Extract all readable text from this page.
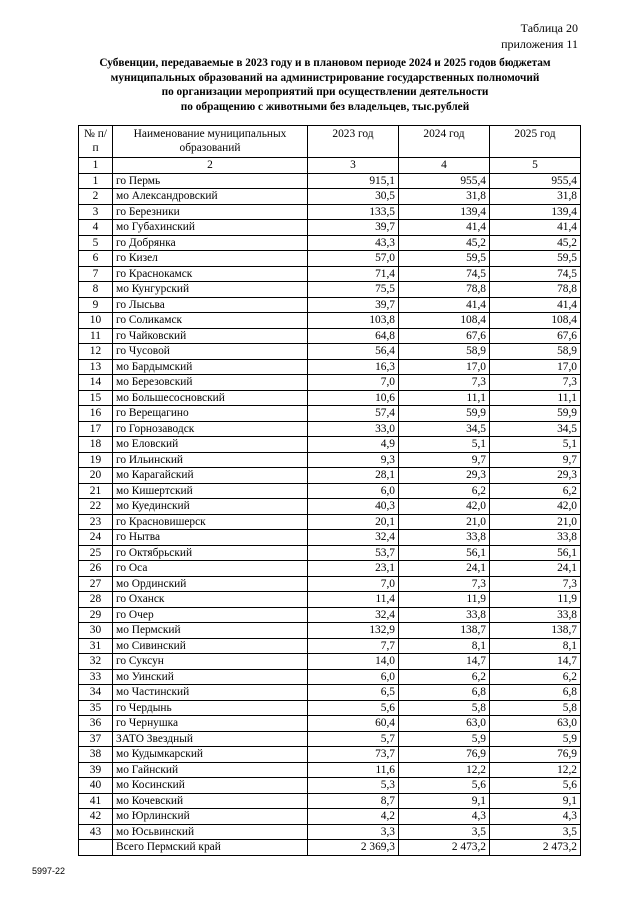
Таблица 20
приложения 11
Субвенции, передаваемые в 2023 году и в плановом периоде 2024 и 2025 годов бюджетам
муниципальных образований на администрирование государственных полномочий
по организации мероприятий при осуществлении деятельности
по обращению с животными без владельцев, тыс.рублей
№ п/п	Наименование муниципальных образований	2023 год	2024 год	2025 год
1	2	3	4	5
1	го Пермь	915,1	955,4	955,4
2	мо Александровский	30,5	31,8	31,8
3	го Березники	133,5	139,4	139,4
4	мо Губахинский	39,7	41,4	41,4
5	го Добрянка	43,3	45,2	45,2
6	го Кизел	57,0	59,5	59,5
7	го Краснокамск	71,4	74,5	74,5
8	мо Кунгурский	75,5	78,8	78,8
9	го Лысьва	39,7	41,4	41,4
10	го Соликамск	103,8	108,4	108,4
11	го Чайковский	64,8	67,6	67,6
12	го Чусовой	56,4	58,9	58,9
13	мо Бардымский	16,3	17,0	17,0
14	мо Березовский	7,0	7,3	7,3
15	мо Большесосновский	10,6	11,1	11,1
16	го Верещагино	57,4	59,9	59,9
17	го Горнозаводск	33,0	34,5	34,5
18	мо Еловский	4,9	5,1	5,1
19	го Ильинский	9,3	9,7	9,7
20	мо Карагайский	28,1	29,3	29,3
21	мо Кишертский	6,0	6,2	6,2
22	мо Куединский	40,3	42,0	42,0
23	го Красновишерск	20,1	21,0	21,0
24	го Нытва	32,4	33,8	33,8
25	го Октябрьский	53,7	56,1	56,1
26	го Оса	23,1	24,1	24,1
27	мо Ординский	7,0	7,3	7,3
28	го Оханск	11,4	11,9	11,9
29	го Очер	32,4	33,8	33,8
30	мо Пермский	132,9	138,7	138,7
31	мо Сивинский	7,7	8,1	8,1
32	го Суксун	14,0	14,7	14,7
33	мо Уинский	6,0	6,2	6,2
34	мо Частинский	6,5	6,8	6,8
35	го Чердынь	5,6	5,8	5,8
36	го Чернушка	60,4	63,0	63,0
37	ЗАТО Звездный	5,7	5,9	5,9
38	мо Кудымкарский	73,7	76,9	76,9
39	мо Гайнский	11,6	12,2	12,2
40	мо Косинский	5,3	5,6	5,6
41	мо Кочевский	8,7	9,1	9,1
42	мо Юрлинский	4,2	4,3	4,3
43	мо Юсьвинский	3,3	3,5	3,5
	Всего Пермский край	2 369,3	2 473,2	2 473,2
5997-22
